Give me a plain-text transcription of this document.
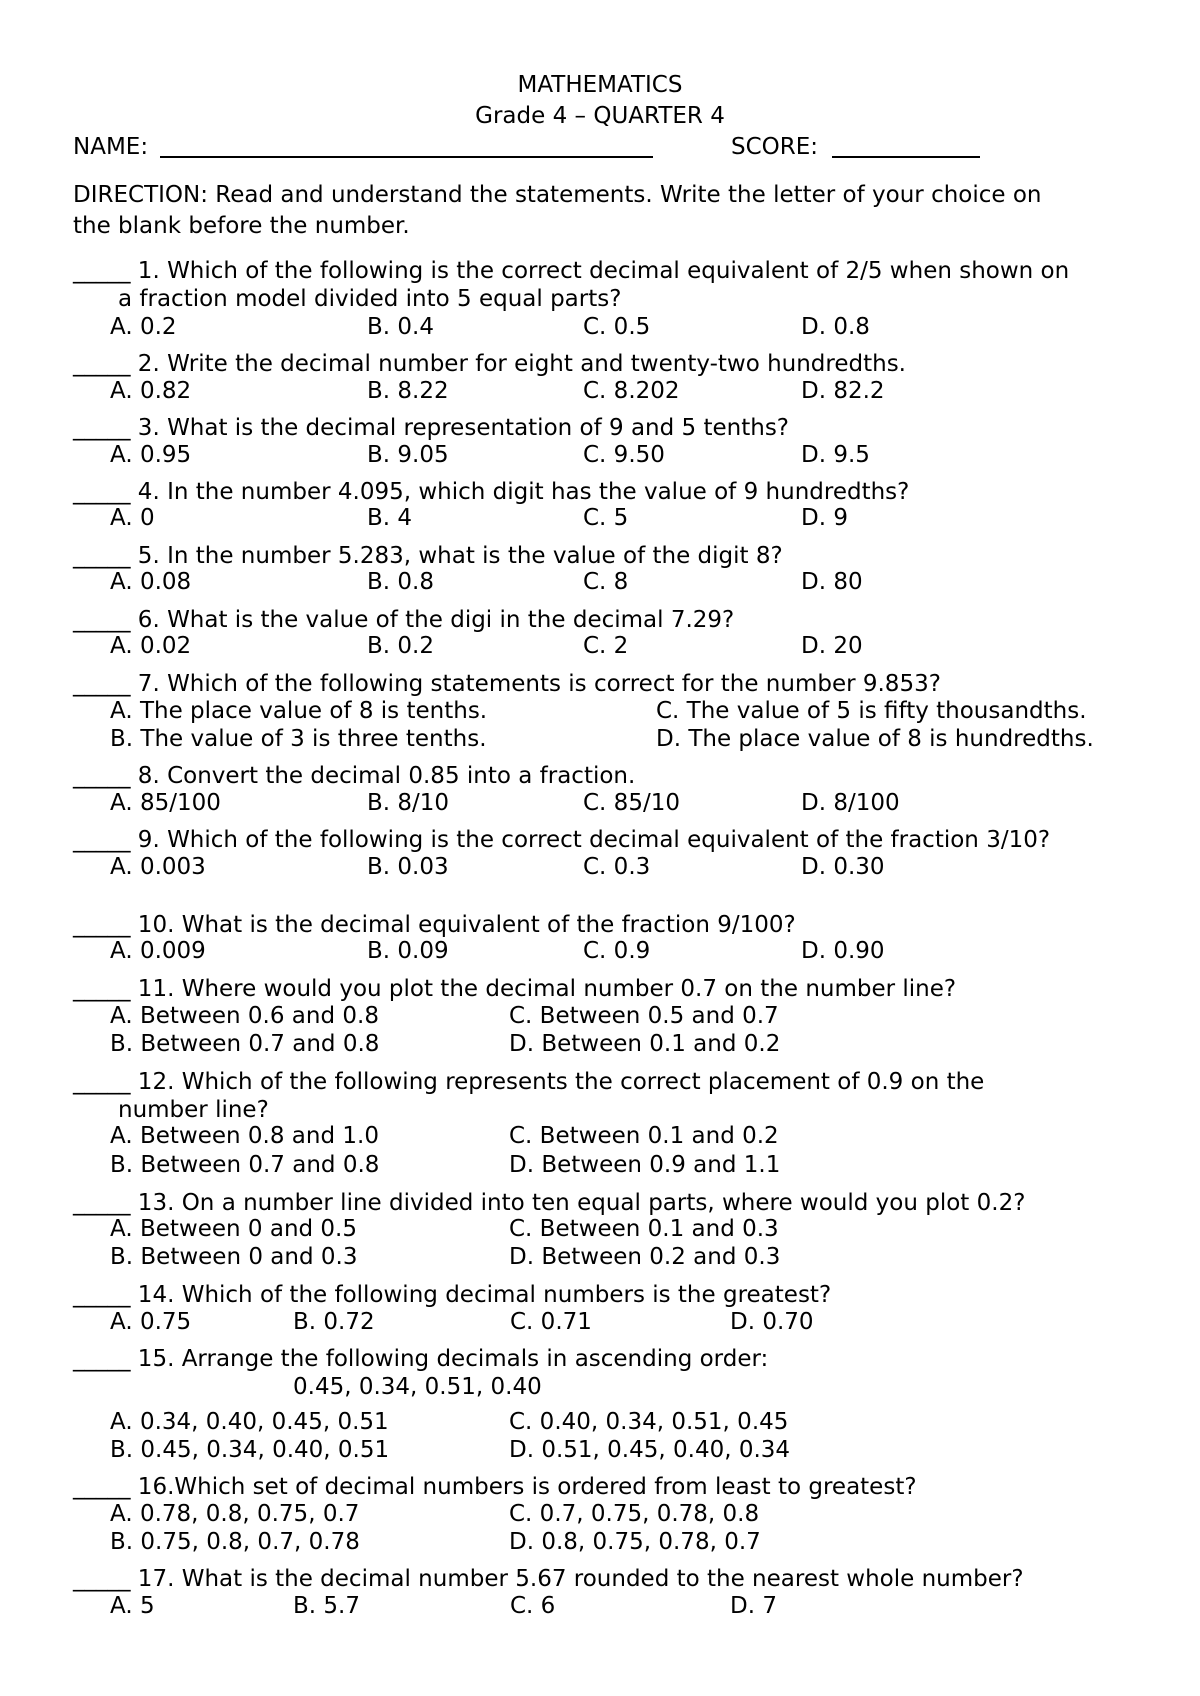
MATHEMATICS
Grade 4 – QUARTER 4
NAME:	SCORE:
DIRECTION: Read and understand the statements. Write the letter of your choice on
the blank before the number.
_____ 1. Which of the following is the correct decimal equivalent of 2/5 when shown on
a fraction model divided into 5 equal parts?
A. 0.2	B. 0.4	C. 0.5	D. 0.8
_____ 2. Write the decimal number for eight and twenty-two hundredths.
A. 0.82	B. 8.22	C. 8.202	D. 82.2
_____ 3. What is the decimal representation of 9 and 5 tenths?
A. 0.95	B. 9.05	C. 9.50	D. 9.5
_____ 4. In the number 4.095, which digit has the value of 9 hundredths?
A. 0	B. 4	C. 5	D. 9
_____ 5. In the number 5.283, what is the value of the digit 8?
A. 0.08	B. 0.8	C. 8	D. 80
_____ 6. What is the value of the digi in the decimal 7.29?
A. 0.02	B. 0.2	C. 2	D. 20
_____ 7. Which of the following statements is correct for the number 9.853?
A. The place value of 8 is tenths.
B. The value of 3 is three tenths.
C. The value of 5 is fifty thousandths.
D. The place value of 8 is hundredths.
_____ 8. Convert the decimal 0.85 into a fraction.
A. 85/100	B. 8/10	C. 85/10	D. 8/100
_____ 9. Which of the following is the correct decimal equivalent of the fraction 3/10?
A. 0.003	B. 0.03	C. 0.3	D. 0.30
_____ 10. What is the decimal equivalent of the fraction 9/100?
A. 0.009	B. 0.09	C. 0.9	D. 0.90
_____ 11. Where would you plot the decimal number 0.7 on the number line?
A. Between 0.6 and 0.8
B. Between 0.7 and 0.8
C. Between 0.5 and 0.7
D. Between 0.1 and 0.2
_____ 12. Which of the following represents the correct placement of 0.9 on the
number line?
A. Between 0.8 and 1.0
B. Between 0.7 and 0.8
C. Between 0.1 and 0.2
D. Between 0.9 and 1.1
_____ 13. On a number line divided into ten equal parts, where would you plot 0.2?
A. Between 0 and 0.5
B. Between 0 and 0.3
C. Between 0.1 and 0.3
D. Between 0.2 and 0.3
_____ 14. Which of the following decimal numbers is the greatest?
A. 0.75	B. 0.72	C. 0.71	D. 0.70
_____ 15. Arrange the following decimals in ascending order:
0.45, 0.34, 0.51, 0.40
A. 0.34, 0.40, 0.45, 0.51
B. 0.45, 0.34, 0.40, 0.51
C. 0.40, 0.34, 0.51, 0.45
D. 0.51, 0.45, 0.40, 0.34
_____ 16.Which set of decimal numbers is ordered from least to greatest?
A. 0.78, 0.8, 0.75, 0.7
B. 0.75, 0.8, 0.7, 0.78
C. 0.7, 0.75, 0.78, 0.8
D. 0.8, 0.75, 0.78, 0.7
_____ 17. What is the decimal number 5.67 rounded to the nearest whole number?
A. 5	B. 5.7	C. 6	D. 7
